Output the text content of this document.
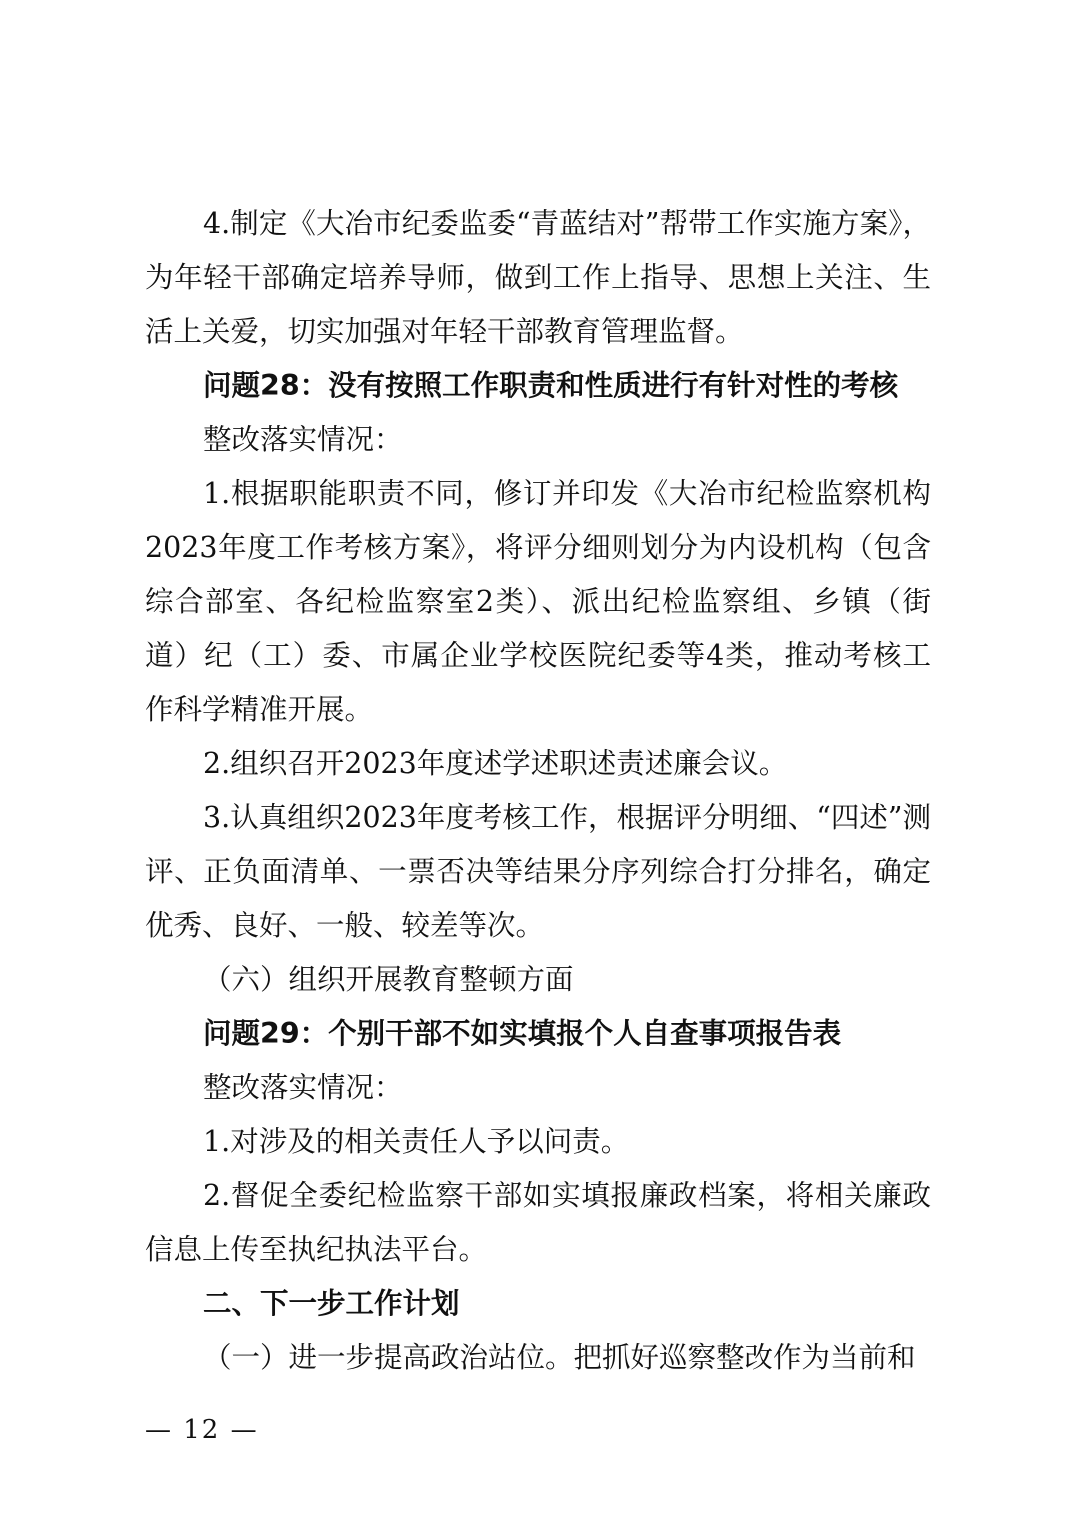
4.制定《大冶市纪委监委“青蓝结对”帮带工作实施方案》，为年轻干部确定培养导师，做到工作上指导、思想上关注、生活上关爱，切实加强对年轻干部教育管理监督。

问题28：没有按照工作职责和性质进行有针对性的考核

整改落实情况：

1.根据职能职责不同，修订并印发《大冶市纪检监察机构2023年度工作考核方案》，将评分细则划分为内设机构（包含综合部室、各纪检监察室2类）、派出纪检监察组、乡镇（街道）纪（工）委、市属企业学校医院纪委等4类，推动考核工作科学精准开展。

2.组织召开2023年度述学述职述责述廉会议。

3.认真组织2023年度考核工作，根据评分明细、“四述”测评、正负面清单、一票否决等结果分序列综合打分排名，确定优秀、良好、一般、较差等次。

（六）组织开展教育整顿方面

问题29：个别干部不如实填报个人自查事项报告表

整改落实情况：

1.对涉及的相关责任人予以问责。

2.督促全委纪检监察干部如实填报廉政档案，将相关廉政信息上传至执纪执法平台。

二、下一步工作计划

（一）进一步提高政治站位。把抓好巡察整改作为当前和

— 12 —
